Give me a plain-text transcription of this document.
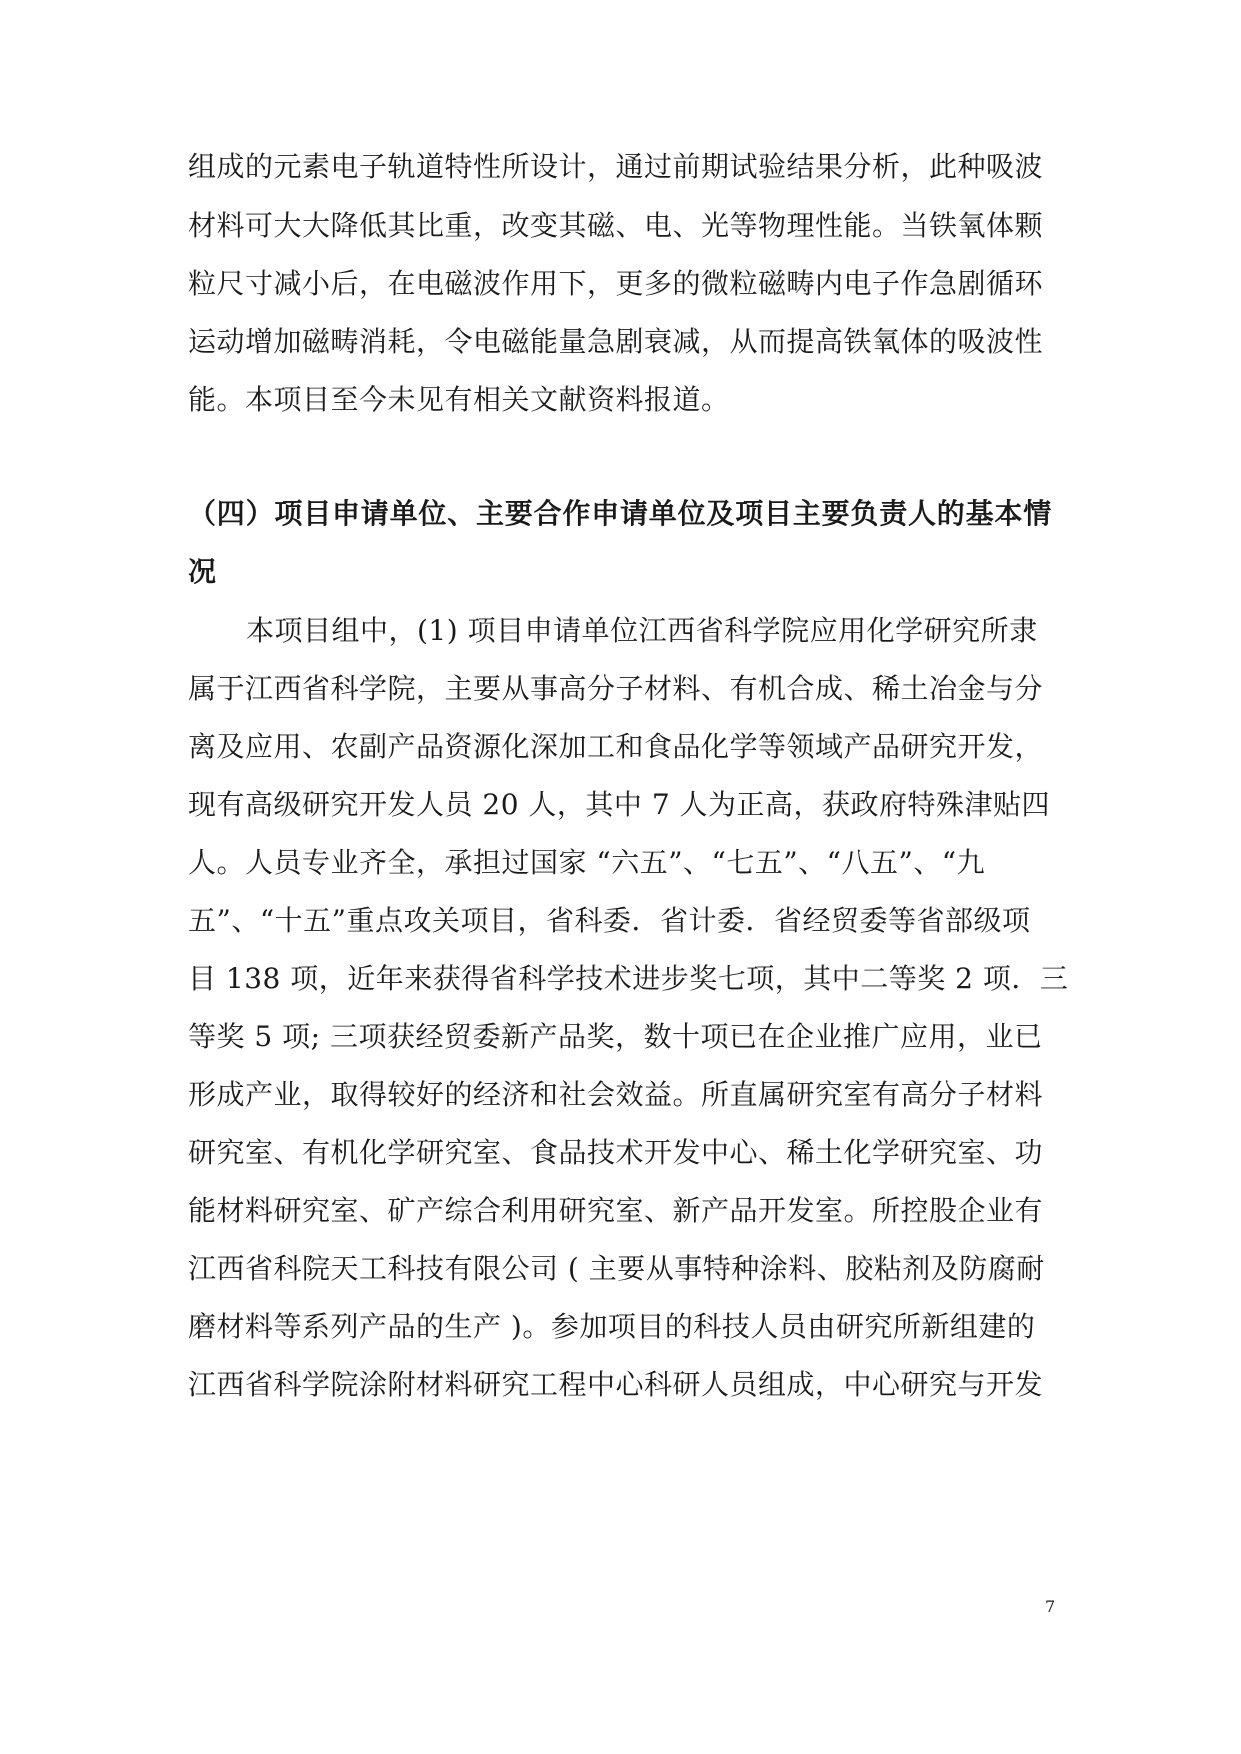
组成的元素电子轨道特性所设计，通过前期试验结果分析，此种吸波
材料可大大降低其比重，改变其磁、电、光等物理性能。当铁氧体颗
粒尺寸减小后，在电磁波作用下，更多的微粒磁畴内电子作急剧循环
运动增加磁畴消耗，令电磁能量急剧衰减，从而提高铁氧体的吸波性
能。本项目至今未见有相关文献资料报道。
（四）项目申请单位、主要合作申请单位及项目主要负责人的基本情
况
本项目组中，(1) 项目申请单位江西省科学院应用化学研究所隶
属于江西省科学院，主要从事高分子材料、有机合成、稀土冶金与分
离及应用、农副产品资源化深加工和食品化学等领域产品研究开发，
现有高级研究开发人员 20 人，其中 7 人为正高，获政府特殊津贴四
人。人员专业齐全，承担过国家 “六五”、“七五”、“八五”、“九
五”、“十五”重点攻关项目，省科委．省计委．省经贸委等省部级项
目 138 项，近年来获得省科学技术进步奖七项，其中二等奖 2 项．三
等奖 5 项; 三项获经贸委新产品奖，数十项已在企业推广应用，业已
形成产业，取得较好的经济和社会效益。所直属研究室有高分子材料
研究室、有机化学研究室、食品技术开发中心、稀土化学研究室、功
能材料研究室、矿产综合利用研究室、新产品开发室。所控股企业有
江西省科院天工科技有限公司 ( 主要从事特种涂料、胶粘剂及防腐耐
磨材料等系列产品的生产 )。参加项目的科技人员由研究所新组建的
江西省科学院涂附材料研究工程中心科研人员组成，中心研究与开发
7
